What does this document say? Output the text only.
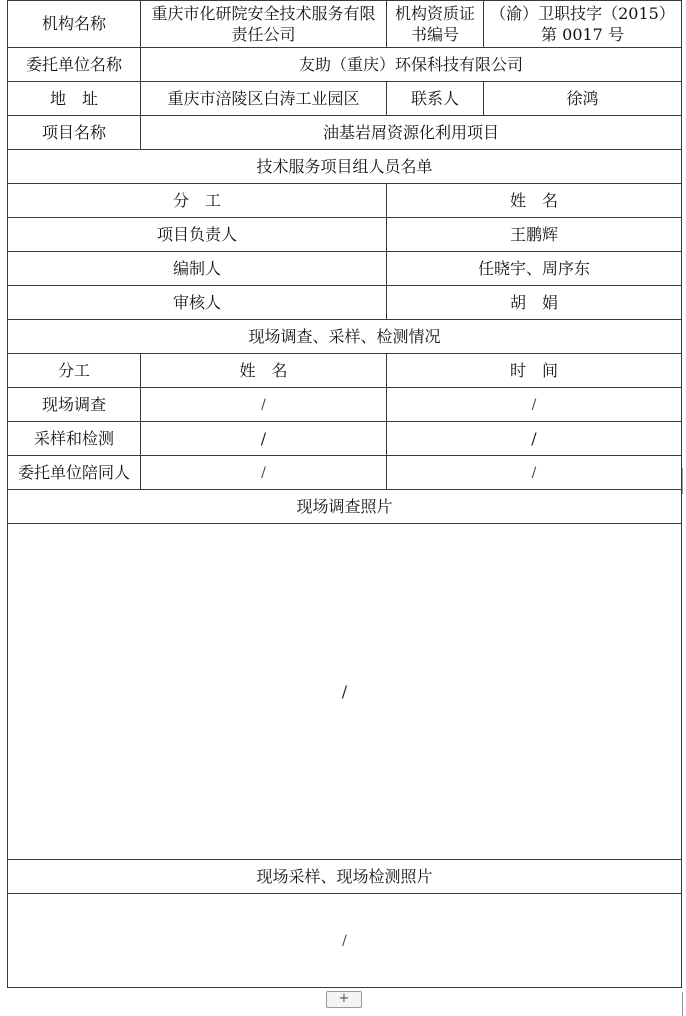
机构名称	重庆市化研院安全技术服务有限责任公司	机构资质证书编号	（渝）卫职技字（2015）第 0017 号
委托单位名称	友助（重庆）环保科技有限公司		
地　址	重庆市涪陵区白涛工业园区	联系人	徐鸿
项目名称	油基岩屑资源化利用项目		
技术服务项目组人员名单			
分　工		姓　名	
项目负责人		王鹏辉	
编制人		任晓宇、周序东	
审核人		胡　娟	
现场调查、采样、检测情况			
分工	姓　名	时　间	
现场调查	/	/	
采样和检测	/	/	
委托单位陪同人	/	/	
现场调查照片			
/			
现场采样、现场检测照片			
/			
+
